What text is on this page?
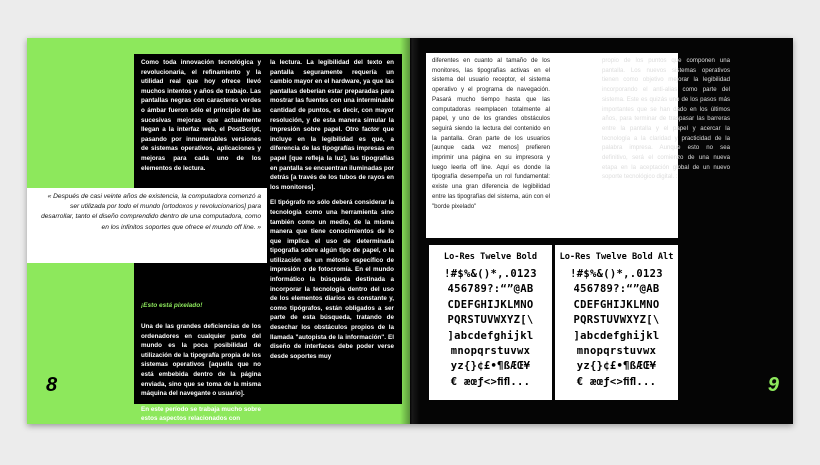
Como toda innovación tecnológica y revolucionaria, el refinamiento y la utilidad real que hoy ofrece llevó muchos intentos y años de trabajo. Las pantallas negras con caracteres verdes o ámbar fueron sólo el principio de las sucesivas mejoras que actualmente llegan a la interfaz web, el PostScript, pasando por innumerables versiones de sistemas operativos, aplicaciones y mejoras para cada uno de los elementos de lectura.

¡Esto está pixelado!

Una de las grandes deficiencias de los ordenadores en cualquier parte del mundo es la poca posibilidad de utilización de la tipografía propia de los sistemas operativos [aquella que no está embebida dentro de la página enviada, sino que se toma de la misma máquina del navegante o usuario].

En este período se trabaja mucho sobre estos aspectos relacionados con

la lectura. La legibilidad del texto en pantalla seguramente requería un cambio mayor en el hardware, ya que las pantallas deberían estar preparadas para mostrar las fuentes con una interminable cantidad de puntos, es decir, con mayor resolución, y de esta manera simular la impresión sobre papel. Otro factor que incluye en la legibilidad es que, a diferencia de las tipografías impresas en papel [que refleja la luz], las tipografías en pantalla se encuentran iluminadas por detrás [a través de los tubos de rayos en los monitores].

El tipógrafo no sólo deberá considerar la tecnología como una herramienta sino también como un medio, de la misma manera que tiene conocimientos de lo que implica el uso de determinada tipografía sobre algún tipo de papel, o la utilización de un método específico de impresión o de fotocromía. En el mundo informático la búsqueda destinada a incorporar la tecnología dentro del uso de los elementos diarios es constante y, como tipógrafos, están obligados a ser parte de esta búsqueda, tratando de desechar los obstáculos propios de la llamada "autopista de la información". El diseño de interfaces debe poder verse desde soportes muy

« Después de casi veinte años de existencia, la computadora comenzó a ser utilizada por todo el mundo [ortodoxos y revolucionarios] para desarrollar, tanto el diseño comprendido dentro de una computadora, como en los infinitos soportes que ofrece el mundo off line. »
8
diferentes en cuanto al tamaño de los monitores, las tipografías activas en el sistema del usuario receptor, el sistema operativo y el programa de navegación. Pasará mucho tiempo hasta que las computadoras reemplacen totalmente al papel, y uno de los grandes obstáculos seguirá siendo la lectura del contenido en la pantalla. Gran parte de los usuarios [aunque cada vez menos] prefieren imprimir una página en su impresora y luego leerla off line. Aquí es donde la tipografía desempeña un rol fundamental: existe una gran diferencia de legibilidad entre las tipografías del sistema, aún con el "borde pixelado"
propio de los puntos que componen una pantalla. Los nuevos sistemas operativos tienen como objetivo mejorar la legibilidad incorporando el anti-alias como parte del sistema. Este es quizás uno de los pasos más importantes que se han dado en los últimos años, para terminar de traspasar las barreras entre la pantalla y el papel y acercar la tecnología a la claridad y practicidad de la palabra impresa. Aunque esto no sea definitivo, será el comienzo de una nueva etapa en la aceptación global de un nuevo soporte tecnológico digital. :
Lo-Res Twelve Bold
!#$%&()*,.0123
456789?:“”@AB
CDEFGHIJKLMNO
PQRSTUVWXYZ[\
]abcdefghijkl
mnopqrstuvwx
yz{}¢£•¶ßÆŒ¥
€ æœƒ<>ﬁﬂ...
Lo-Res Twelve Bold Alt
!#$%&()*,.0123
456789?:“”@AB
CDEFGHIJKLMNO
PQRSTUVWXYZ[\
]abcdefghijkl
mnopqrstuvwx
yz{}¢£•¶ßÆŒ¥
€ æœƒ<>ﬁﬂ...	9
